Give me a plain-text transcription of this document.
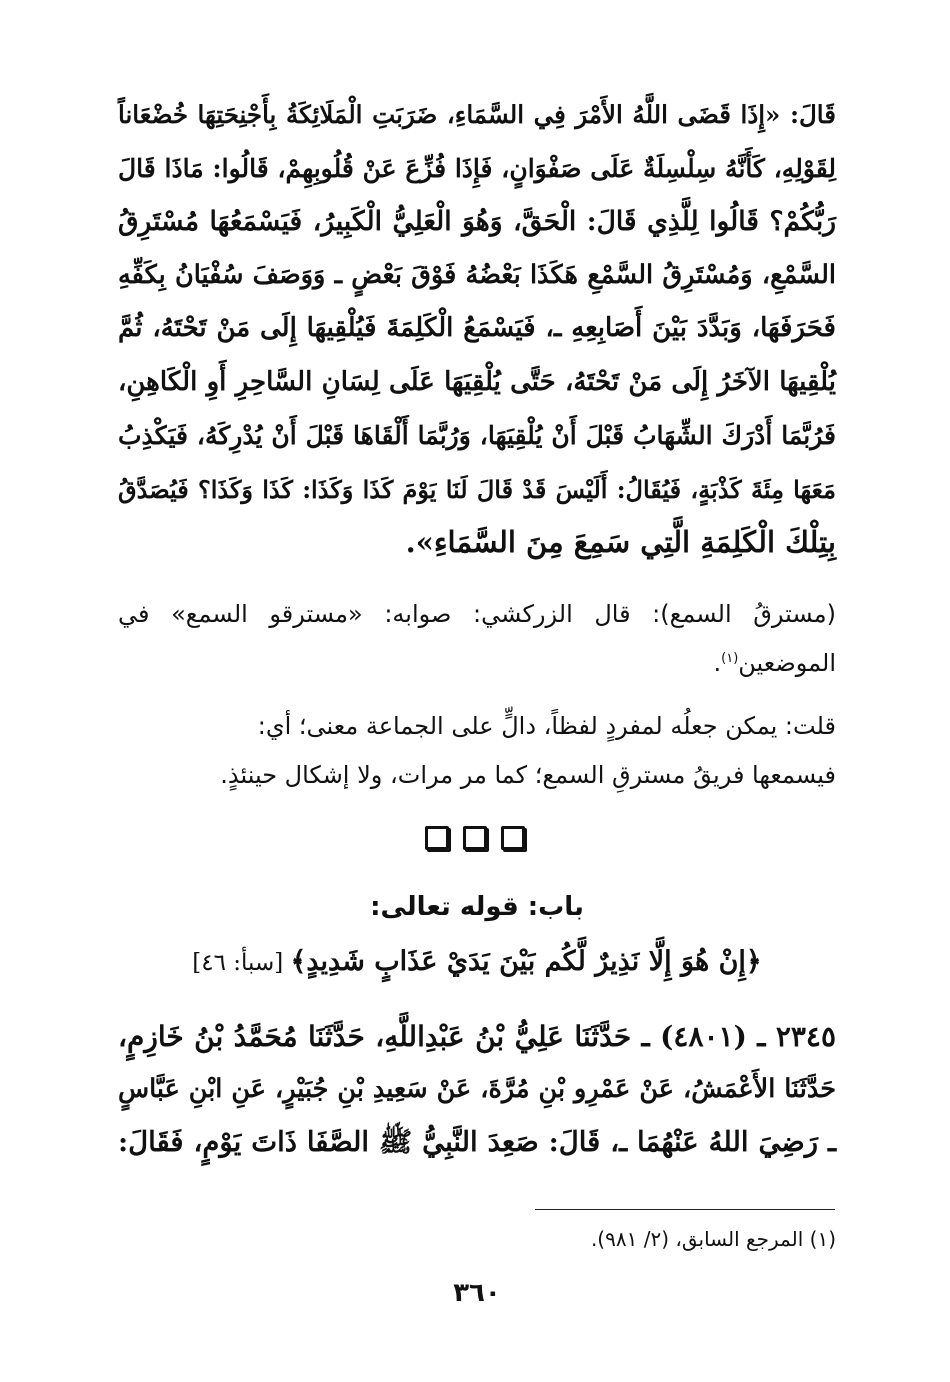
قَالَ: «إِذَا قَضَى اللَّهُ الأَمْرَ فِي السَّمَاءِ، ضَرَبَتِ الْمَلَائِكَةُ بِأَجْنِحَتِهَا خُضْعَاناً
لِقَوْلِهِ، كَأَنَّهُ سِلْسِلَةٌ عَلَى صَفْوَانٍ، فَإِذَا فُزِّعَ عَنْ قُلُوبِهِمْ، قَالُوا: مَاذَا قَالَ
رَبُّكُمْ؟ قَالُوا لِلَّذِي قَالَ: الْحَقَّ، وَهُوَ الْعَلِيُّ الْكَبِيرُ، فَيَسْمَعُهَا مُسْتَرِقُ
السَّمْعِ، وَمُسْتَرِقُ السَّمْعِ هَكَذَا بَعْضُهُ فَوْقَ بَعْضٍ ـ وَوَصَفَ سُفْيَانُ بِكَفِّهِ
فَحَرَفَهَا، وَبَدَّدَ بَيْنَ أَصَابِعِهِ ـ، فَيَسْمَعُ الْكَلِمَةَ فَيُلْقِيهَا إِلَى مَنْ تَحْتَهُ، ثُمَّ
يُلْقِيهَا الآخَرُ إِلَى مَنْ تَحْتَهُ، حَتَّى يُلْقِيَهَا عَلَى لِسَانِ السَّاحِرِ أَوِ الْكَاهِنِ،
فَرُبَّمَا أَدْرَكَ الشِّهَابُ قَبْلَ أَنْ يُلْقِيَهَا، وَرُبَّمَا أَلْقَاهَا قَبْلَ أَنْ يُدْرِكَهُ، فَيَكْذِبُ
مَعَهَا مِئَةَ كَذْبَةٍ، فَيُقَالُ: أَلَيْسَ قَدْ قَالَ لَنَا يَوْمَ كَذَا وَكَذَا: كَذَا وَكَذَا؟ فَيُصَدَّقُ
بِتِلْكَ الْكَلِمَةِ الَّتِي سَمِعَ مِنَ السَّمَاءِ».
(مسترقُ السمع): قال الزركشي: صوابه: «مسترقو السمع» في
الموضعين$^{(١)}$.
قلت: يمكن جعلُه لمفردٍ لفظاً، دالٍّ على الجماعة معنى؛ أي:
فيسمعها فريقُ مسترقِ السمع؛ كما مر مرات، ولا إشكال حينئذٍ.
باب: قوله تعالى:
﴿إِنْ هُوَ إِلَّا نَذِيرٌ لَّكُم بَيْنَ يَدَيْ عَذَابٍ شَدِيدٍ﴾ [سبأ: ٤٦]
٢٣٤٥ ـ (٤٨٠١) ـ حَدَّثَنَا عَلِيُّ بْنُ عَبْدِاللَّهِ، حَدَّثَنَا مُحَمَّدُ بْنُ خَازِمٍ،
حَدَّثَنَا الأَعْمَشُ، عَنْ عَمْرِو بْنِ مُرَّةَ، عَنْ سَعِيدِ بْنِ جُبَيْرٍ، عَنِ ابْنِ عَبَّاسٍ
ـ رَضِيَ اللهُ عَنْهُمَا ـ، قَالَ: صَعِدَ النَّبِيُّ ﷺ الصَّفَا ذَاتَ يَوْمٍ، فَقَالَ:
(١) المرجع السابق، (٢/ ٩٨١).
٣٦٠
